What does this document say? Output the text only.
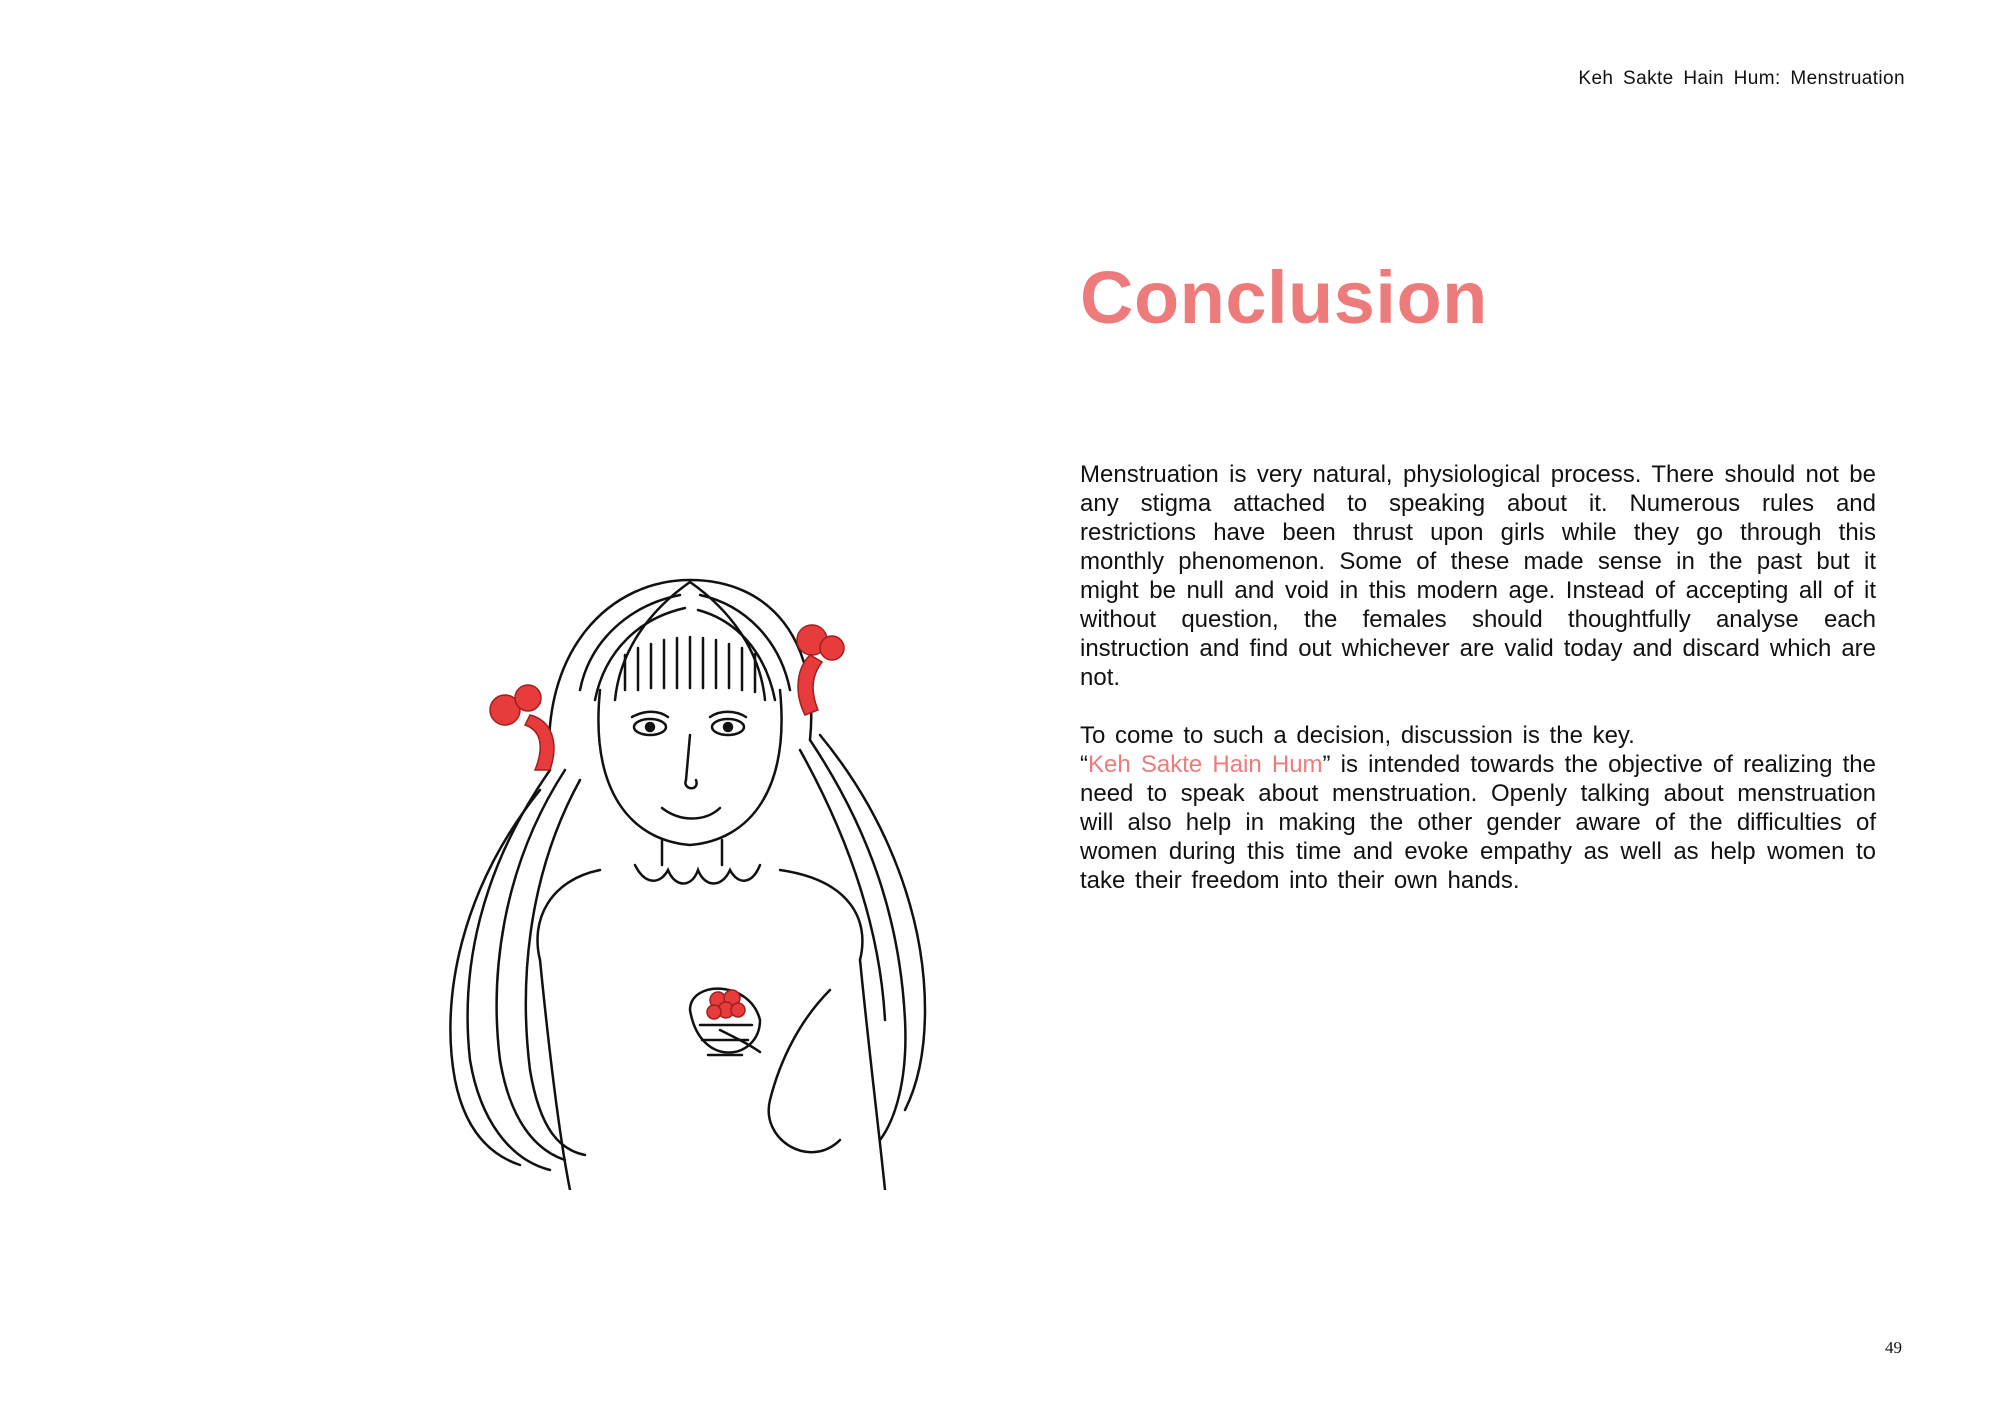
Keh Sakte Hain Hum: Menstruation
Conclusion

Menstruation is very natural, physiological process. There should not be any stigma attached to speaking about it. Numerous rules and restrictions have been thrust upon girls while they go through this monthly phenomenon. Some of these made sense in the past but it might be null and void in this modern age. Instead of accepting all of it without question, the females should thoughtfully analyse each instruction and find out whichever are valid today and discard which are not.

To come to such a decision, discussion is the key.

“Keh Sakte Hain Hum” is intended towards the objective of realizing the need to speak about menstruation. Openly talking about menstruation will also help in making the other gender aware of the difficulties of women during this time and evoke empathy as well as help women to take their freedom into their own hands.

49
